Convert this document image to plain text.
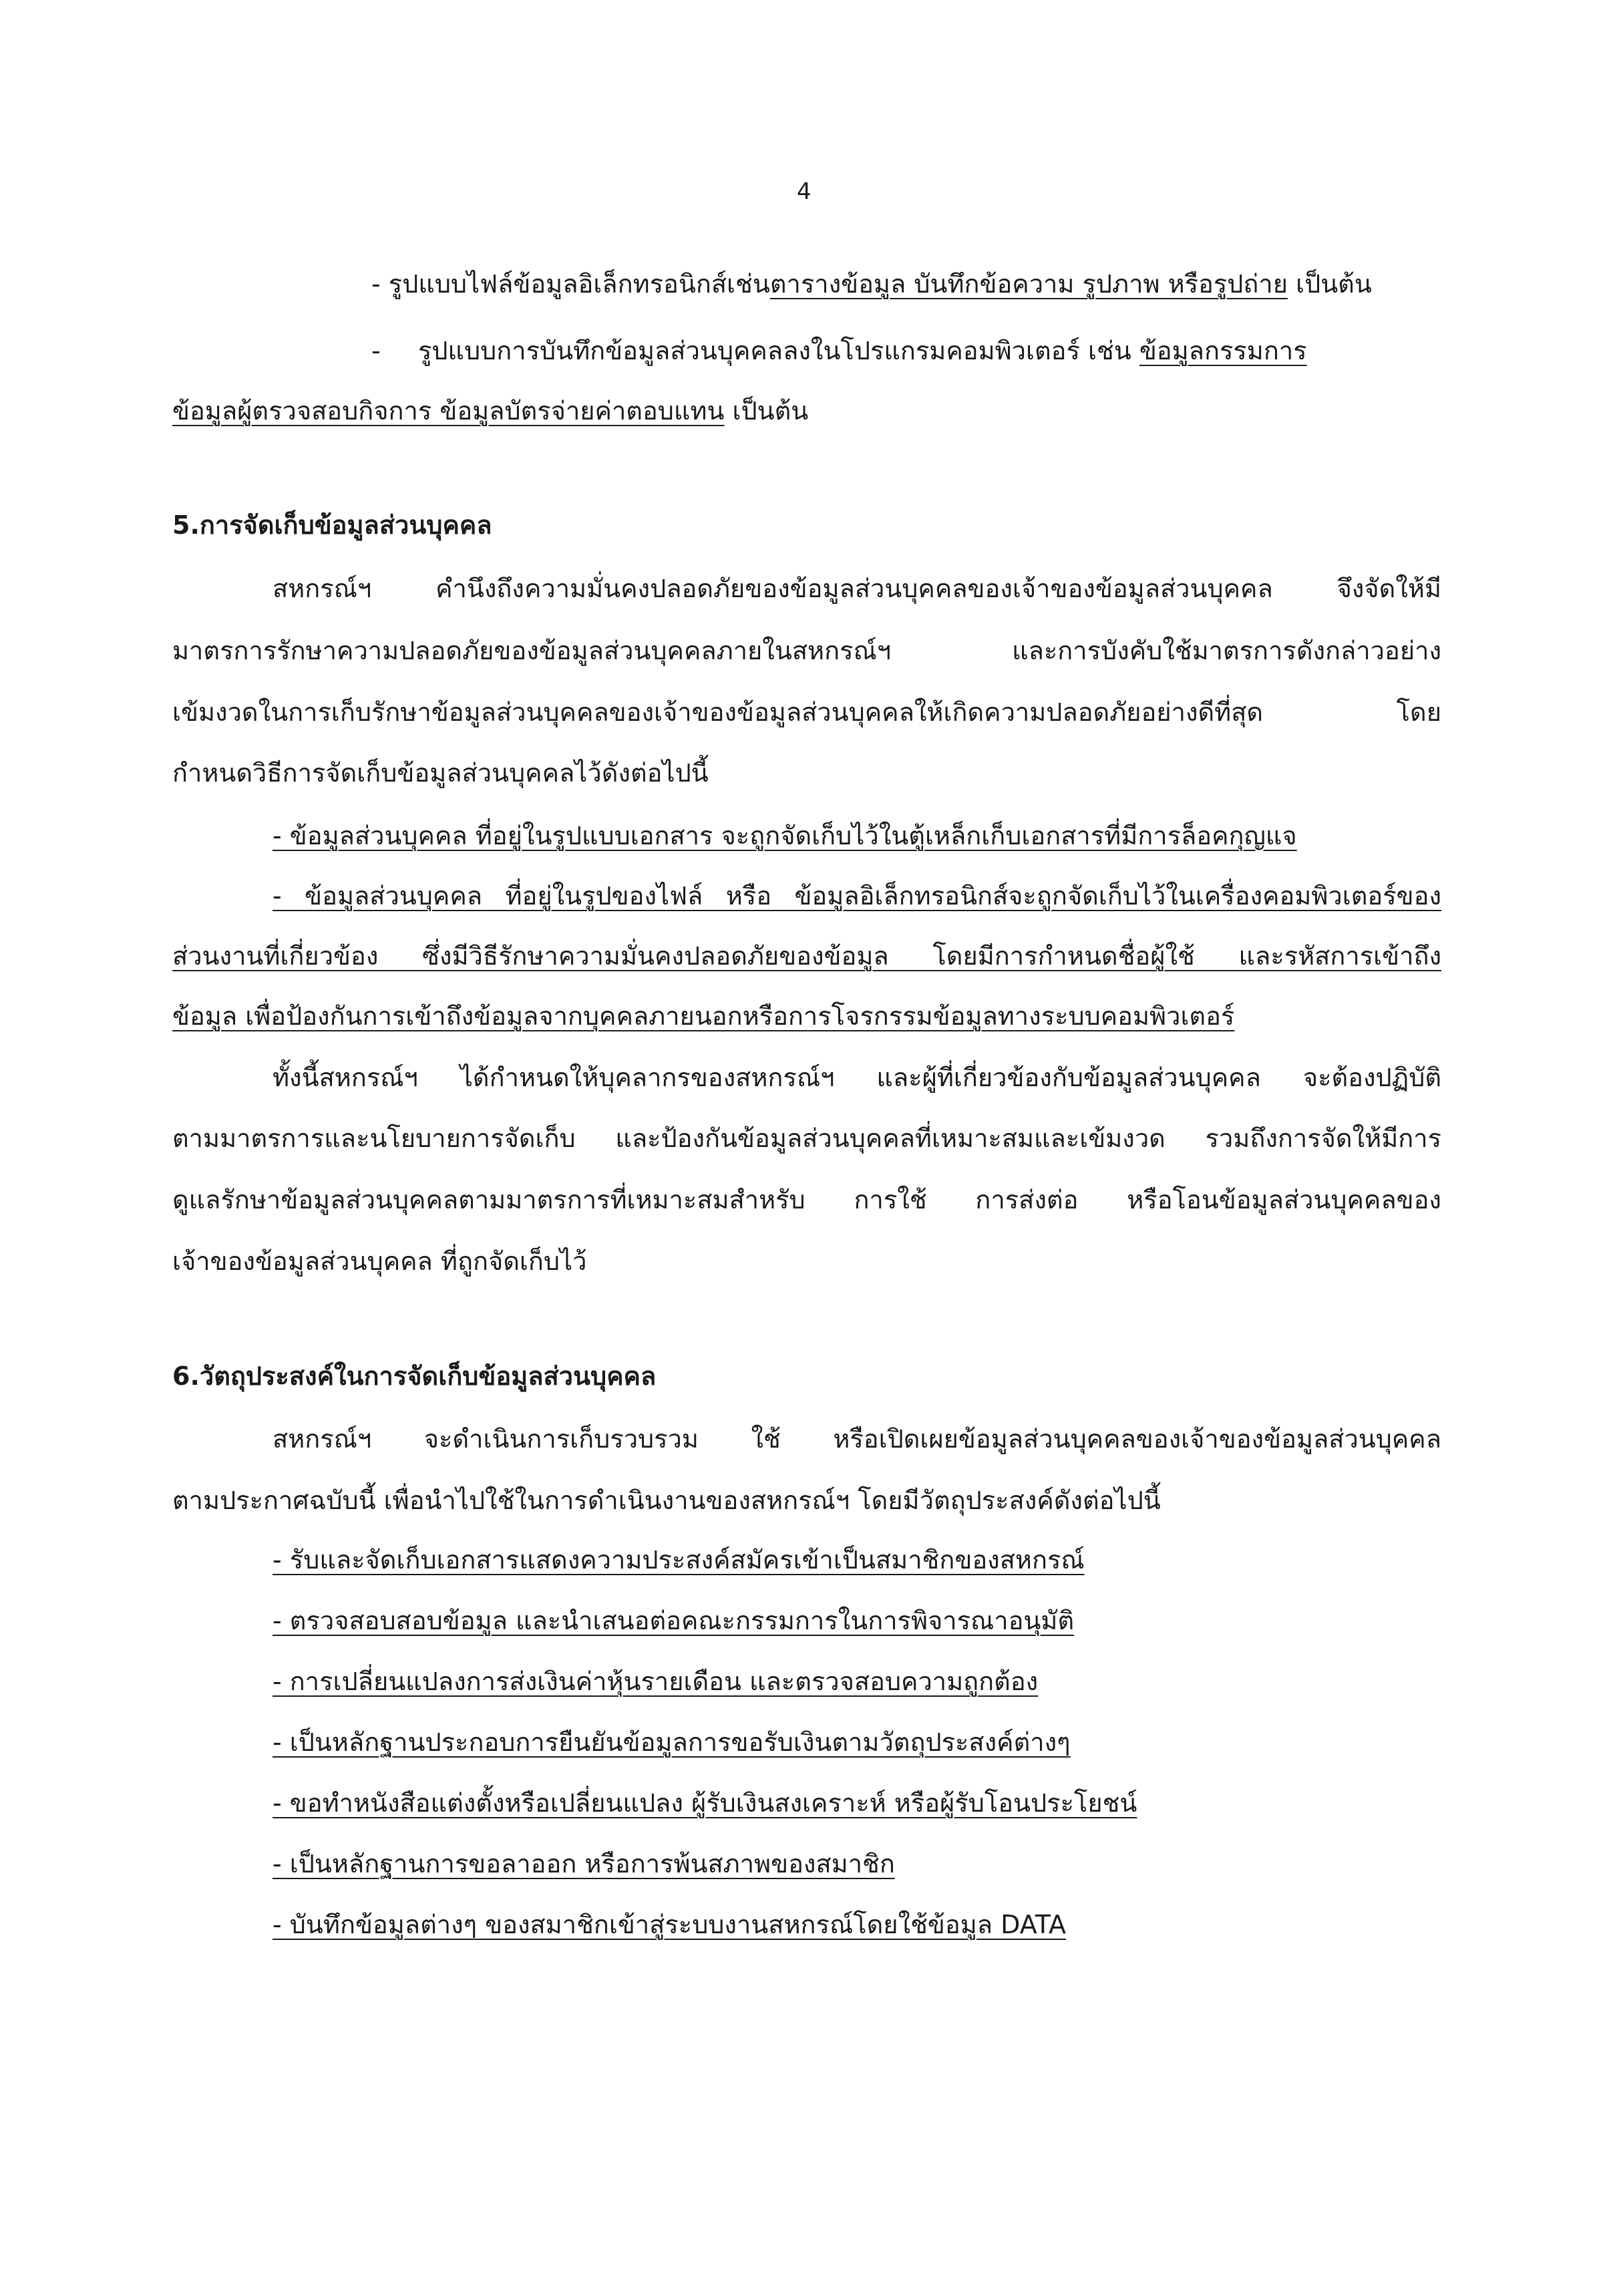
4
- รูปแบบไฟล์ข้อมูลอิเล็กทรอนิกส์เช่นตารางข้อมูล บันทึกข้อความ รูปภาพ หรือรูปถ่าย เป็นต้น
- รูปแบบการบันทึกข้อมูลส่วนบุคคลลงในโปรแกรมคอมพิวเตอร์ เช่น ข้อมูลกรรมการ
ข้อมูลผู้ตรวจสอบกิจการ ข้อมูลบัตรจ่ายค่าตอบแทน เป็นต้น
5.การจัดเก็บข้อมูลส่วนบุคคล
สหกรณ์ฯ คำนึงถึงความมั่นคงปลอดภัยของข้อมูลส่วนบุคคลของเจ้าของข้อมูลส่วนบุคคล จึงจัดให้มี
มาตรการรักษาความปลอดภัยของข้อมูลส่วนบุคคลภายในสหกรณ์ฯ และการบังคับใช้มาตรการดังกล่าวอย่าง
เข้มงวดในการเก็บรักษาข้อมูลส่วนบุคคลของเจ้าของข้อมูลส่วนบุคคลให้เกิดความปลอดภัยอย่างดีที่สุด โดย
กำหนดวิธีการจัดเก็บข้อมูลส่วนบุคคลไว้ดังต่อไปนี้
- ข้อมูลส่วนบุคคล ที่อยู่ในรูปแบบเอกสาร จะถูกจัดเก็บไว้ในตู้เหล็กเก็บเอกสารที่มีการล็อคกุญแจ
- ข้อมูลส่วนบุคคล ที่อยู่ในรูปของไฟล์ หรือ ข้อมูลอิเล็กทรอนิกส์จะถูกจัดเก็บไว้ในเครื่องคอมพิวเตอร์ของ
ส่วนงานที่เกี่ยวข้อง ซึ่งมีวิธีรักษาความมั่นคงปลอดภัยของข้อมูล โดยมีการกำหนดชื่อผู้ใช้ และรหัสการเข้าถึง
ข้อมูล เพื่อป้องกันการเข้าถึงข้อมูลจากบุคคลภายนอกหรือการโจรกรรมข้อมูลทางระบบคอมพิวเตอร์
ทั้งนี้สหกรณ์ฯ ได้กำหนดให้บุคลากรของสหกรณ์ฯ และผู้ที่เกี่ยวข้องกับข้อมูลส่วนบุคคล จะต้องปฏิบัติ
ตามมาตรการและนโยบายการจัดเก็บ และป้องกันข้อมูลส่วนบุคคลที่เหมาะสมและเข้มงวด รวมถึงการจัดให้มีการ
ดูแลรักษาข้อมูลส่วนบุคคลตามมาตรการที่เหมาะสมสำหรับ การใช้ การส่งต่อ หรือโอนข้อมูลส่วนบุคคลของ
เจ้าของข้อมูลส่วนบุคคล ที่ถูกจัดเก็บไว้
6.วัตถุประสงค์ในการจัดเก็บข้อมูลส่วนบุคคล
สหกรณ์ฯ จะดำเนินการเก็บรวบรวม ใช้ หรือเปิดเผยข้อมูลส่วนบุคคลของเจ้าของข้อมูลส่วนบุคคล
ตามประกาศฉบับนี้ เพื่อนำไปใช้ในการดำเนินงานของสหกรณ์ฯ โดยมีวัตถุประสงค์ดังต่อไปนี้
- รับและจัดเก็บเอกสารแสดงความประสงค์สมัครเข้าเป็นสมาชิกของสหกรณ์
- ตรวจสอบสอบข้อมูล และนำเสนอต่อคณะกรรมการในการพิจารณาอนุมัติ
- การเปลี่ยนแปลงการส่งเงินค่าหุ้นรายเดือน และตรวจสอบความถูกต้อง
- เป็นหลักฐานประกอบการยืนยันข้อมูลการขอรับเงินตามวัตถุประสงค์ต่างๆ
- ขอทำหนังสือแต่งตั้งหรือเปลี่ยนแปลง ผู้รับเงินสงเคราะห์ หรือผู้รับโอนประโยชน์
- เป็นหลักฐานการขอลาออก หรือการพ้นสภาพของสมาชิก
- บันทึกข้อมูลต่างๆ ของสมาชิกเข้าสู่ระบบงานสหกรณ์โดยใช้ข้อมูล DATA
